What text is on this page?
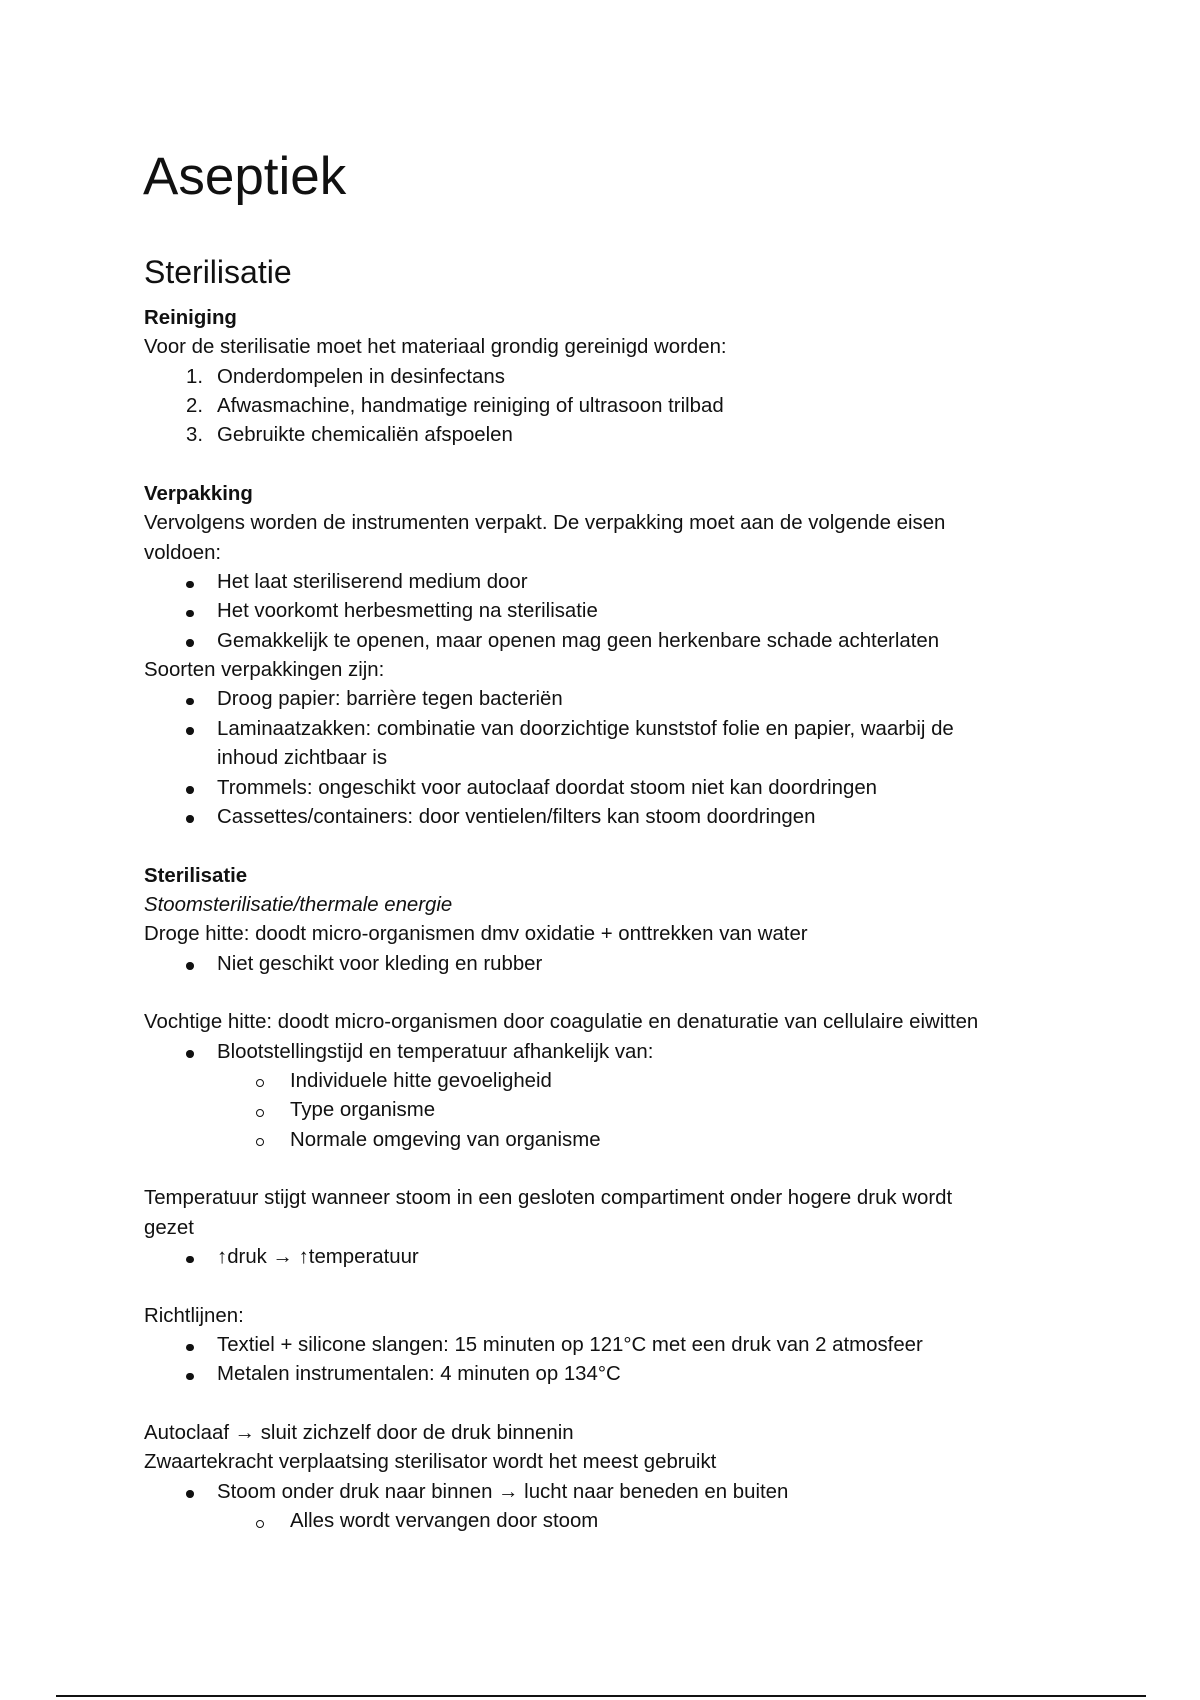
Aseptiek
Sterilisatie
Reiniging
Voor de sterilisatie moet het materiaal grondig gereinigd worden:
1. Onderdompelen in desinfectans
2. Afwasmachine, handmatige reiniging of ultrasoon trilbad
3. Gebruikte chemicaliën afspoelen
Verpakking
Vervolgens worden de instrumenten verpakt. De verpakking moet aan de volgende eisen
voldoen:
Het laat steriliserend medium door
Het voorkomt herbesmetting na sterilisatie
Gemakkelijk te openen, maar openen mag geen herkenbare schade achterlaten
Soorten verpakkingen zijn:
Droog papier: barrière tegen bacteriën
Laminaatzakken: combinatie van doorzichtige kunststof folie en papier, waarbij de
inhoud zichtbaar is
Trommels: ongeschikt voor autoclaaf doordat stoom niet kan doordringen
Cassettes/containers: door ventielen/filters kan stoom doordringen
Sterilisatie
Stoomsterilisatie/thermale energie
Droge hitte: doodt micro-organismen dmv oxidatie + onttrekken van water
Niet geschikt voor kleding en rubber
Vochtige hitte: doodt micro-organismen door coagulatie en denaturatie van cellulaire eiwitten
Blootstellingstijd en temperatuur afhankelijk van:
Individuele hitte gevoeligheid
Type organisme
Normale omgeving van organisme
Temperatuur stijgt wanneer stoom in een gesloten compartiment onder hogere druk wordt
gezet
↑druk → ↑temperatuur
Richtlijnen:
Textiel + silicone slangen: 15 minuten op 121°C met een druk van 2 atmosfeer
Metalen instrumentalen: 4 minuten op 134°C
Autoclaaf → sluit zichzelf door de druk binnenin
Zwaartekracht verplaatsing sterilisator wordt het meest gebruikt
Stoom onder druk naar binnen → lucht naar beneden en buiten
Alles wordt vervangen door stoom
